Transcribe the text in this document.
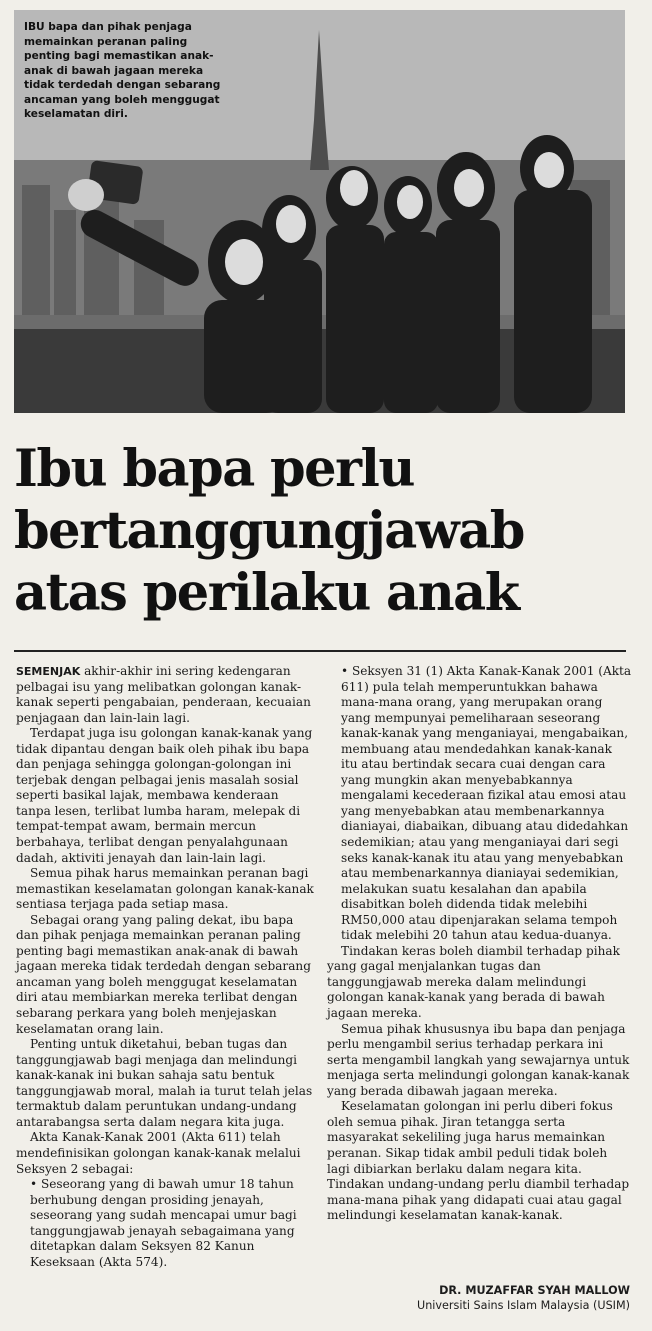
IBU bapa dan pihak penjaga memainkan peranan paling penting bagi memastikan anak-anak di bawah jagaan mereka tidak terdedah dengan sebarang ancaman yang boleh menggugat keselamatan diri.
Ibu bapa perlu
bertanggungjawab
atas perilaku anak

SEMENJAK akhir-akhir ini sering kedengaran pelbagai isu yang melibatkan golongan kanak-kanak seperti pengabaian, penderaan, kecuaian penjagaan dan lain-lain lagi.

Terdapat juga isu golongan kanak-kanak yang tidak dipantau dengan baik oleh pihak ibu bapa dan penjaga sehingga golongan-golongan ini terjebak dengan pelbagai jenis masalah sosial seperti basikal lajak, membawa kenderaan tanpa lesen, terlibat lumba haram, melepak di tempat-tempat awam, bermain mercun berbahaya, terlibat dengan penyalahgunaan dadah, aktiviti jenayah dan lain-lain lagi.

Semua pihak harus memainkan peranan bagi memastikan keselamatan golongan kanak-kanak sentiasa terjaga pada setiap masa.

Sebagai orang yang paling dekat, ibu bapa dan pihak penjaga memainkan peranan paling penting bagi memastikan anak-anak di bawah jagaan mereka tidak terdedah dengan sebarang ancaman yang boleh menggugat keselamatan diri atau membiarkan mereka terlibat dengan sebarang perkara yang boleh menjejaskan keselamatan orang lain.

Penting untuk diketahui, beban tugas dan tanggungjawab bagi menjaga dan melindungi kanak-kanak ini bukan sahaja satu bentuk tanggungjawab moral, malah ia turut telah jelas termaktub dalam peruntukan undang-undang antarabangsa serta dalam negara kita juga.

Akta Kanak-Kanak 2001 (Akta 611) telah mendefinisikan golongan kanak-kanak melalui Seksyen 2 sebagai:

• Seseorang yang di bawah umur 18 tahun berhubung dengan prosiding jenayah, seseorang yang sudah mencapai umur bagi tanggungjawab jenayah sebagaimana yang ditetapkan dalam Seksyen 82 Kanun Keseksaan (Akta 574).

• Seksyen 31 (1) Akta Kanak-Kanak 2001 (Akta 611) pula telah memperuntukkan bahawa mana-mana orang, yang merupakan orang yang mempunyai pemeliharaan seseorang kanak-kanak yang menganiayai, mengabaikan, membuang atau mendedahkan kanak-kanak itu atau bertindak secara cuai dengan cara yang mungkin akan menyebabkannya mengalami kecederaan fizikal atau emosi atau yang menyebabkan atau membenarkannya dianiayai, diabaikan, dibuang atau didedahkan sedemikian; atau yang menganiayai dari segi seks kanak-kanak itu atau yang menyebabkan atau membenarkannya dianiayai sedemikian, melakukan suatu kesalahan dan apabila disabitkan boleh didenda tidak melebihi RM50,000 atau dipenjarakan selama tempoh tidak melebihi 20 tahun atau kedua-duanya.

Tindakan keras boleh diambil terhadap pihak yang gagal menjalankan tugas dan tanggungjawab mereka dalam melindungi golongan kanak-kanak yang berada di bawah jagaan mereka.

Semua pihak khususnya ibu bapa dan penjaga perlu mengambil serius terhadap perkara ini serta mengambil langkah yang sewajarnya untuk menjaga serta melindungi golongan kanak-kanak yang berada dibawah jagaan mereka.

Keselamatan golongan ini perlu diberi fokus oleh semua pihak. Jiran tetangga serta masyarakat sekeliling juga harus memainkan peranan. Sikap tidak ambil peduli tidak boleh lagi dibiarkan berlaku dalam negara kita. Tindakan undang-undang perlu diambil terhadap mana-mana pihak yang didapati cuai atau gagal melindungi keselamatan kanak-kanak.

DR. MUZAFFAR SYAH MALLOW
Universiti Sains Islam Malaysia (USIM)
